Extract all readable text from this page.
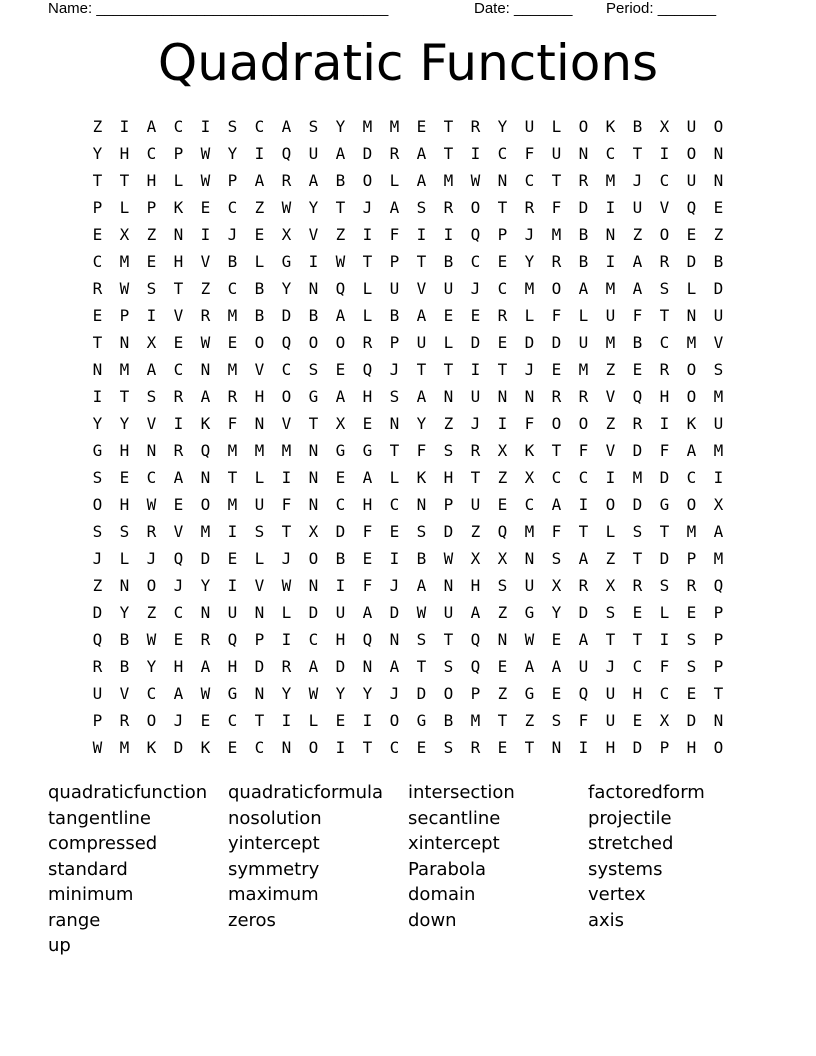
Name: ___________________________________	Date: _______ Period: _______
Quadratic Functions
Z	I	A	C	I	S	C	A	S	Y	M	M	E	T	R	Y	U	L	O	K	B	X	U	O
Y	H	C	P	W	Y	I	Q	U	A	D	R	A	T	I	C	F	U	N	C	T	I	O	N
T	T	H	L	W	P	A	R	A	B	O	L	A	M	W	N	C	T	R	M	J	C	U	N
P	L	P	K	E	C	Z	W	Y	T	J	A	S	R	O	T	R	F	D	I	U	V	Q	E
E	X	Z	N	I	J	E	X	V	Z	I	F	I	I	Q	P	J	M	B	N	Z	O	E	Z
C	M	E	H	V	B	L	G	I	W	T	P	T	B	C	E	Y	R	B	I	A	R	D	B
R	W	S	T	Z	C	B	Y	N	Q	L	U	V	U	J	C	M	O	A	M	A	S	L	D
E	P	I	V	R	M	B	D	B	A	L	B	A	E	E	R	L	F	L	U	F	T	N	U
T	N	X	E	W	E	O	Q	O	O	R	P	U	L	D	E	D	D	U	M	B	C	M	V
N	M	A	C	N	M	V	C	S	E	Q	J	T	T	I	T	J	E	M	Z	E	R	O	S
I	T	S	R	A	R	H	O	G	A	H	S	A	N	U	N	N	R	R	V	Q	H	O	M
Y	Y	V	I	K	F	N	V	T	X	E	N	Y	Z	J	I	F	O	O	Z	R	I	K	U
G	H	N	R	Q	M	M	M	N	G	G	T	F	S	R	X	K	T	F	V	D	F	A	M
S	E	C	A	N	T	L	I	N	E	A	L	K	H	T	Z	X	C	C	I	M	D	C	I
O	H	W	E	O	M	U	F	N	C	H	C	N	P	U	E	C	A	I	O	D	G	O	X
S	S	R	V	M	I	S	T	X	D	F	E	S	D	Z	Q	M	F	T	L	S	T	M	A
J	L	J	Q	D	E	L	J	O	B	E	I	B	W	X	X	N	S	A	Z	T	D	P	M
Z	N	O	J	Y	I	V	W	N	I	F	J	A	N	H	S	U	X	R	X	R	S	R	Q
D	Y	Z	C	N	U	N	L	D	U	A	D	W	U	A	Z	G	Y	D	S	E	L	E	P
Q	B	W	E	R	Q	P	I	C	H	Q	N	S	T	Q	N	W	E	A	T	T	I	S	P
R	B	Y	H	A	H	D	R	A	D	N	A	T	S	Q	E	A	A	U	J	C	F	S	P
U	V	C	A	W	G	N	Y	W	Y	Y	J	D	O	P	Z	G	E	Q	U	H	C	E	T
P	R	O	J	E	C	T	I	L	E	I	O	G	B	M	T	Z	S	F	U	E	X	D	N
W	M	K	D	K	E	C	N	O	I	T	C	E	S	R	E	T	N	I	H	D	P	H	O
quadraticfunction	quadraticformula	intersection	factoredform
tangentline	nosolution	secantline	projectile
compressed	yintercept	xintercept	stretched
standard	symmetry	Parabola	systems
minimum	maximum	domain	vertex
range	zeros	down	axis
up
